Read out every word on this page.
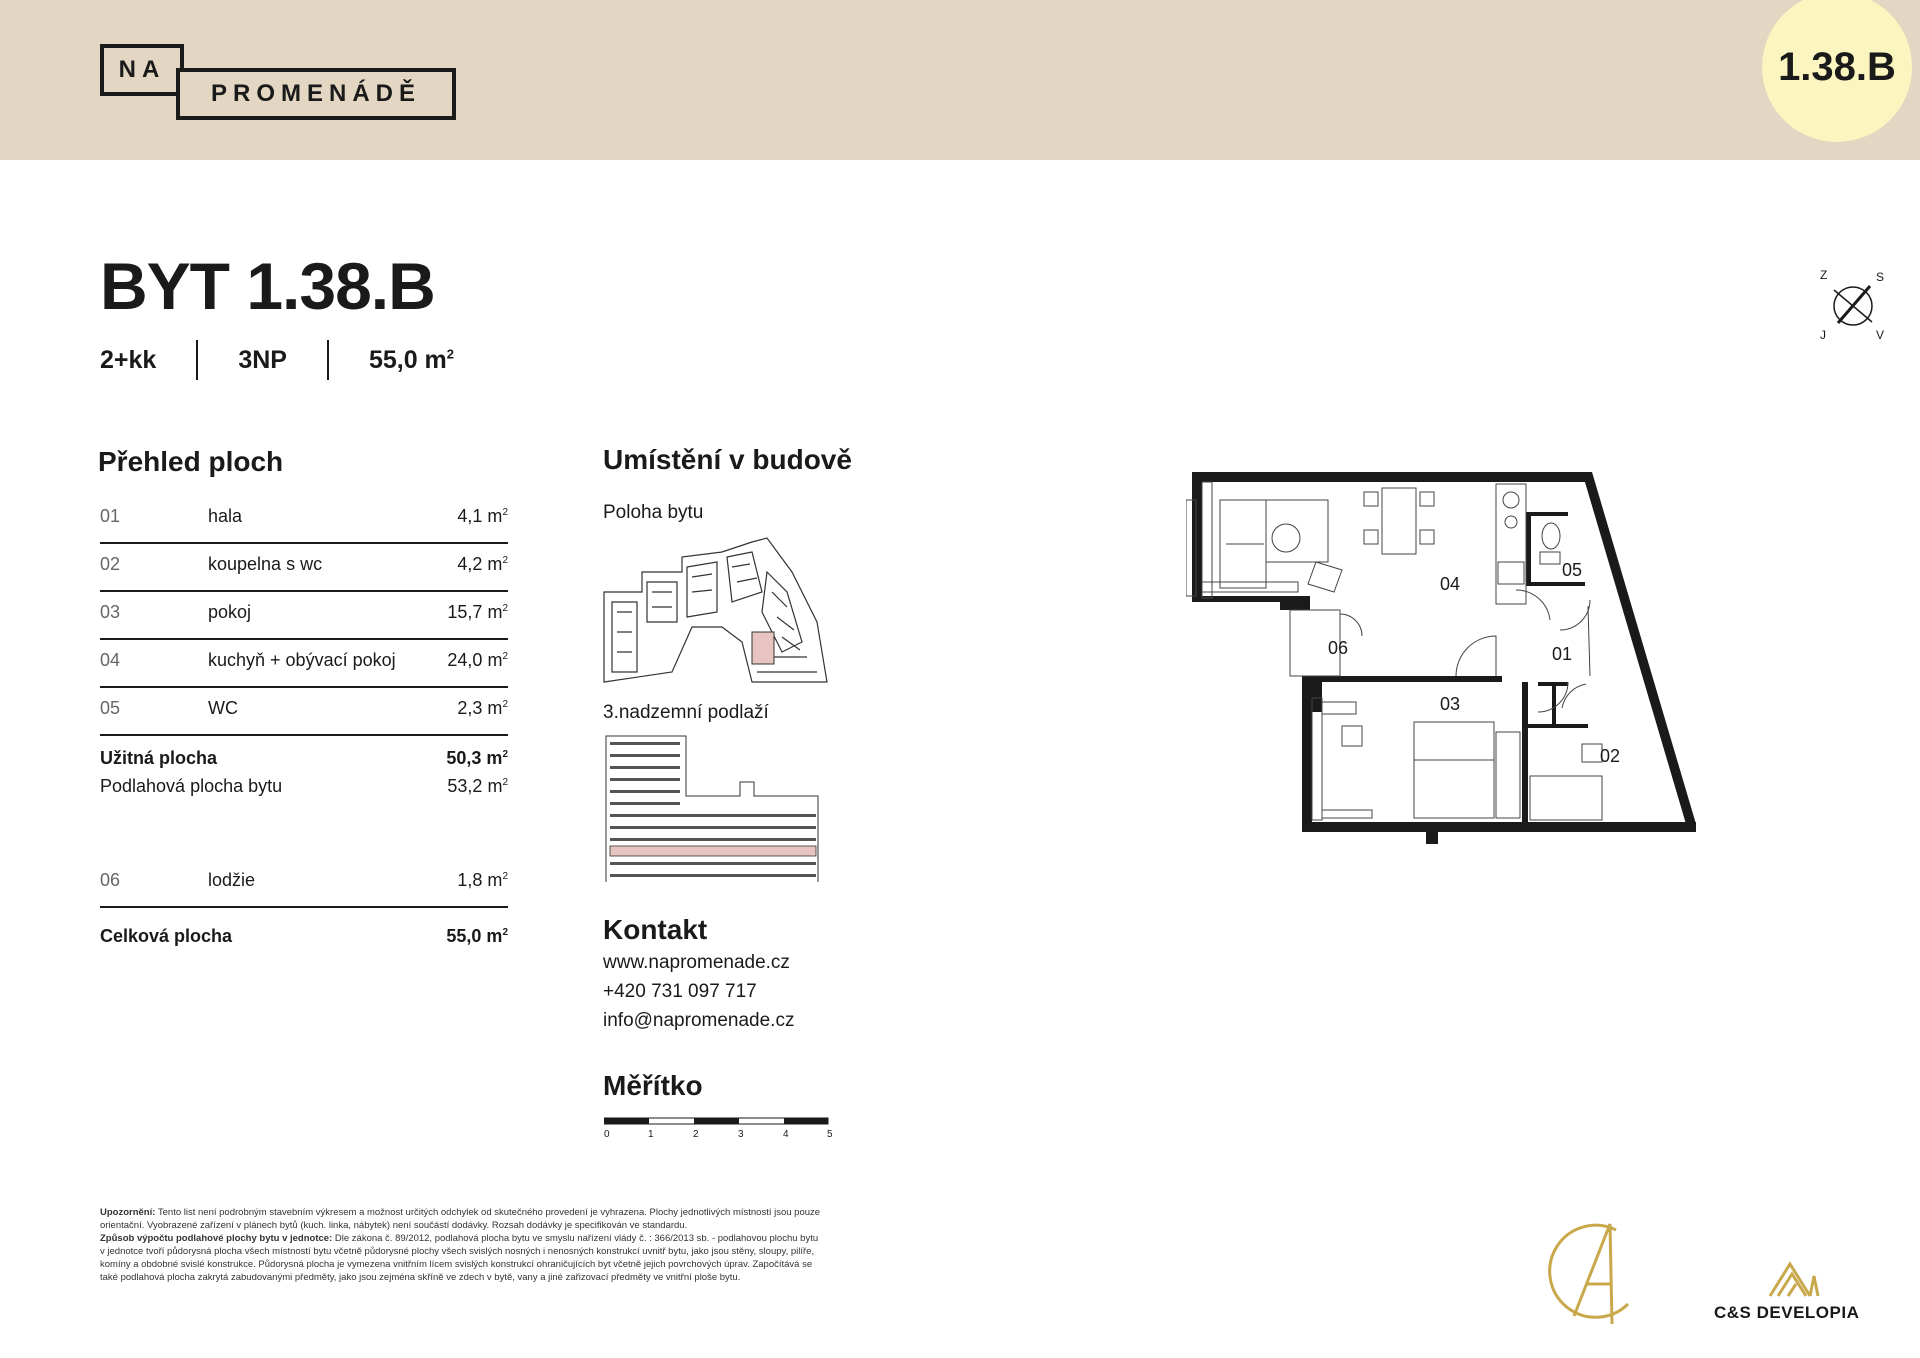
NA
PROMENÁDĚ
1.38.B
BYT 1.38.B
2+kk	3NP	55,0 $m^2$
Přehled ploch
01	hala	4,1 $m^2$
02	koupelna s wc	4,2 $m^2$
03	pokoj	15,7 $m^2$
04	kuchyň + obývací pokoj	24,0 $m^2$
05	WC	2,3 $m^2$
Užitná plocha	50,3 $m^2$
Podlahová plocha bytu	53,2 $m^2$
06	lodžie	1,8 $m^2$
Celková plocha	55,0 $m^2$
Umístění v budově
Poloha bytu
3.nadzemní podlaží
Kontakt
www.napromenade.cz
+420 731 097 717
info@napromenade.cz
Měřítko
0	1	2	3	4	5
Z	S
J	V
01
02
03
04
05
06
Upozornění: Tento list není podrobným stavebním výkresem a možnost určitých odchylek od skutečného provedení je vyhrazena. Plochy jednotlivých místností jsou pouze orientační. Vyobrazené zařízení v plánech bytů (kuch. linka, nábytek) není součástí dodávky. Rozsah dodávky je specifikován ve standardu.
Způsob výpočtu podlahové plochy bytu v jednotce: Dle zákona č. 89/2012, podlahová plocha bytu ve smyslu nařízení vlády č. : 366/2013 sb. - podlahovou plochu bytu v jednotce tvoří půdorysná plocha všech místností bytu včetně půdorysné plochy všech svislých nosných i nenosných konstrukcí uvnitř bytu, jako jsou stěny, sloupy, pilíře, komíny a obdobné svislé konstrukce. Půdorysná plocha je vymezena vnitřním lícem svislých konstrukcí ohraničujících byt včetně jejich povrchových úprav. Započítává se také podlahová plocha zakrytá zabudovanými předměty, jako jsou zejména skříně ve zdech v bytě, vany a jiné zařizovací předměty ve vnitřní ploše bytu.
C&S DEVELOPIA
